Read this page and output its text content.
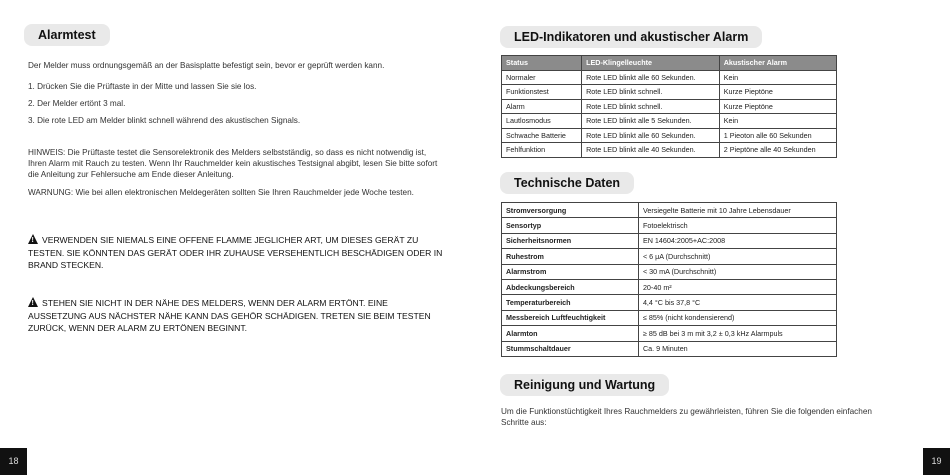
Alarmtest
Der Melder muss ordnungsgemäß an der Basisplatte befestigt sein, bevor er geprüft werden kann.
1. Drücken Sie die Prüftaste in der Mitte und lassen Sie sie los.
2. Der Melder ertönt 3 mal.
3. Die rote LED am Melder blinkt schnell während des akustischen Signals.
HINWEIS: Die Prüftaste testet die Sensorelektronik des Melders selbstständig, so dass es nicht notwendig ist, Ihren Alarm mit Rauch zu testen. Wenn Ihr Rauchmelder kein akustisches Testsignal abgibt, lesen Sie bitte sofort die Anleitung zur Fehlersuche am Ende dieser Anleitung.
WARNUNG: Wie bei allen elektronischen Meldegeräten sollten Sie Ihren Rauchmelder jede Woche testen.
!VERWENDEN SIE NIEMALS EINE OFFENE FLAMME JEGLICHER ART, UM DIESES GERÄT ZU TESTEN. SIE KÖNNTEN DAS GERÄT ODER IHR ZUHAUSE VERSEHENTLICH BESCHÄDIGEN ODER IN BRAND STECKEN.
!STEHEN SIE NICHT IN DER NÄHE DES MELDERS, WENN DER ALARM ERTÖNT. EINE AUSSETZUNG AUS NÄCHSTER NÄHE KANN DAS GEHÖR SCHÄDIGEN. TRETEN SIE BEIM TESTEN ZURÜCK, WENN DER ALARM ZU ERTÖNEN BEGINNT.
18
LED-Indikatoren und akustischer Alarm
Status	LED-Klingelleuchte	Akustischer Alarm
Normaler	Rote LED blinkt alle 60 Sekunden.	Kein
Funktionstest	Rote LED blinkt schnell.	Kurze Pieptöne
Alarm	Rote LED blinkt schnell.	Kurze Pieptöne
Lautlosmodus	Rote LED blinkt alle 5 Sekunden.	Kein
Schwache Batterie	Rote LED blinkt alle 60 Sekunden.	1 Pieoton alle 60 Sekunden
Fehlfunktion	Rote LED blinkt alle 40 Sekunden.	2 Pieptöne alle 40 Sekunden
Technische Daten
Stromversorgung	Versiegelte Batterie mit 10 Jahre Lebensdauer
Sensortyp	Fotoelektrisch
Sicherheitsnormen	EN 14604:2005+AC:2008
Ruhestrom	< 6 μA (Durchschnitt)
Alarmstrom	< 30 mA (Durchschnitt)
Abdeckungsbereich	20-40 m²
Temperaturbereich	4,4 °C bis 37,8 °C
Messbereich Luftfeuchtigkeit	≤ 85% (nicht kondensierend)
Alarmton	≥ 85 dB bei 3 m mit 3,2 ± 0,3 kHz Alarmpuls
Stummschaltdauer	Ca. 9 Minuten
Reinigung und Wartung
Um die Funktionstüchtigkeit Ihres Rauchmelders zu gewährleisten, führen Sie die folgenden einfachen Schritte aus:
19
